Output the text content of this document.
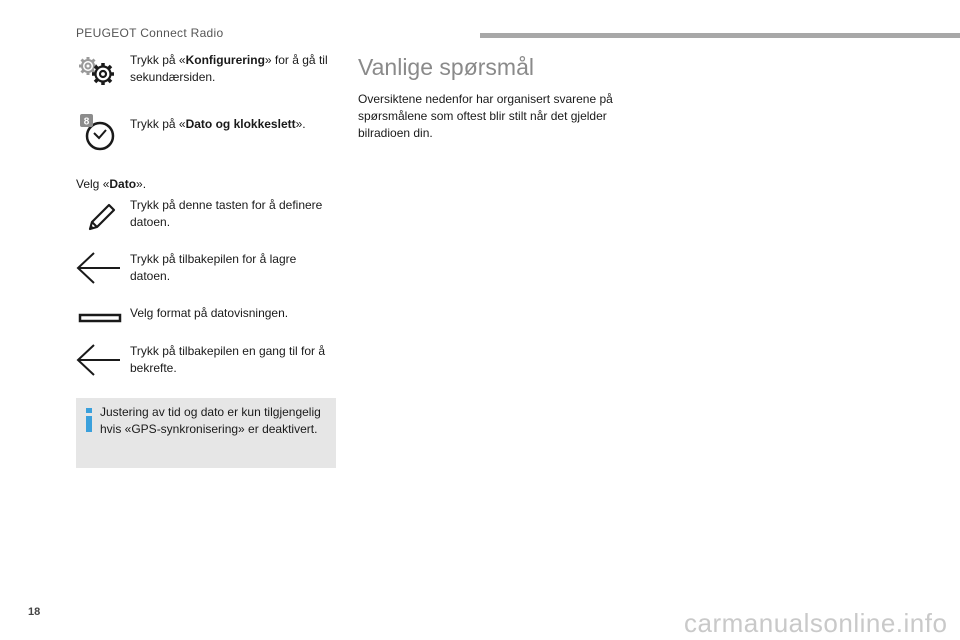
PEUGEOT Connect Radio
Trykk på «Konfigurering» for å gå til sekundærsiden.
8	Trykk på «Dato og klokkeslett».
Velg «Dato».
Trykk på denne tasten for å definere datoen.
Trykk på tilbakepilen for å lagre datoen.
Velg format på datovisningen.
Trykk på tilbakepilen en gang til for å bekrefte.
Justering av tid og dato er kun tilgjengelig hvis «GPS-synkronisering» er deaktivert.
Vanlige spørsmål
Oversiktene nedenfor har organisert svarene på spørsmålene som oftest blir stilt når det gjelder bilradioen din.
18	carmanualsonline.info
